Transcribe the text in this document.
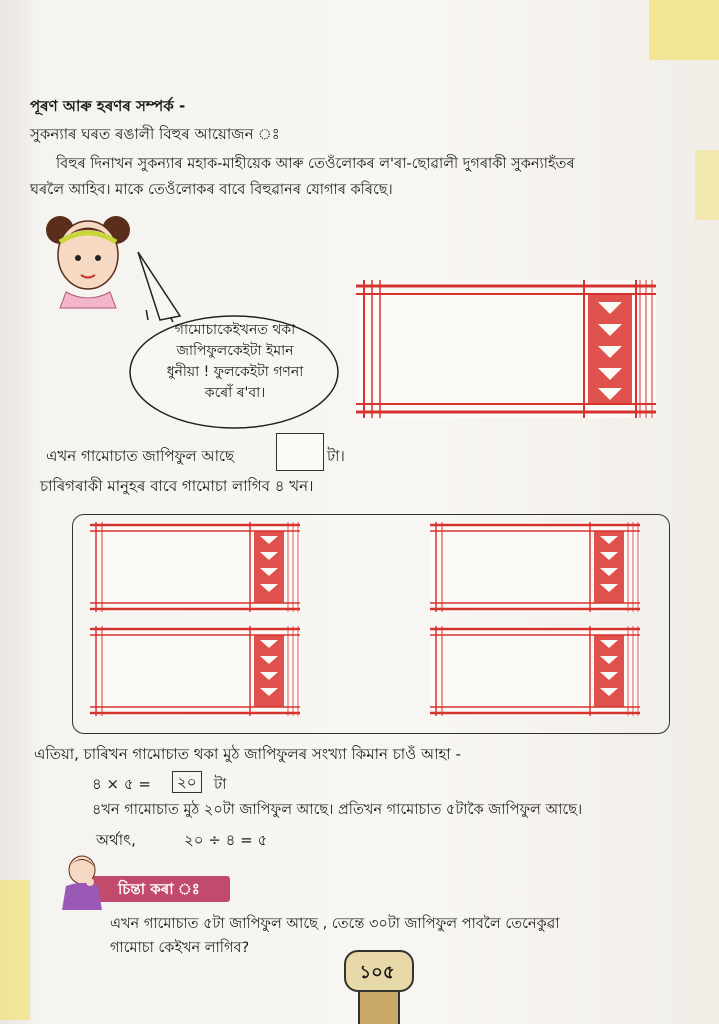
পূৰণ আৰু হৰণৰ সম্পৰ্ক -
সুকন্যাৰ ঘৰত ৰঙালী বিহুৰ আয়োজন ঃ
বিহুৰ দিনাখন সুকন্যাৰ মহাক-মাহীয়েক আৰু তেওঁলোকৰ ল'ৰা-ছোৱালী দুগৰাকী সুকন্যাহঁতৰ
ঘৰলৈ আহিব। মাকে তেওঁলোকৰ বাবে বিহুৱানৰ যোগাৰ কৰিছে।
গামোচাকেইখনত থকা
জাপিফুলকেইটা ইমান
ধুনীয়া ! ফুলকেইটা গণনা
কৰোঁ ৰ'বা।
এখন গামোচাত জাপিফুল আছে	টা।
চাৰিগৰাকী মানুহৰ বাবে গামোচা লাগিব ৪ খন।
এতিয়া, চাৰিখন গামোচাত থকা মুঠ জাপিফুলৰ সংখ্যা কিমান চাওঁ আহা -
৪ × ৫ =	২০	টা
৪খন গামোচাত মুঠ ২০টা জাপিফুল আছে। প্ৰতিখন গামোচাত ৫টাকৈ জাপিফুল আছে।
অৰ্থাৎ,	২০ ÷ ৪ = ৫
চিন্তা কৰা ঃ
এখন গামোচাত ৫টা জাপিফুল আছে , তেন্তে ৩০টা জাপিফুল পাবলৈ তেনেকুৱা
গামোচা কেইখন লাগিব?
১০৫
